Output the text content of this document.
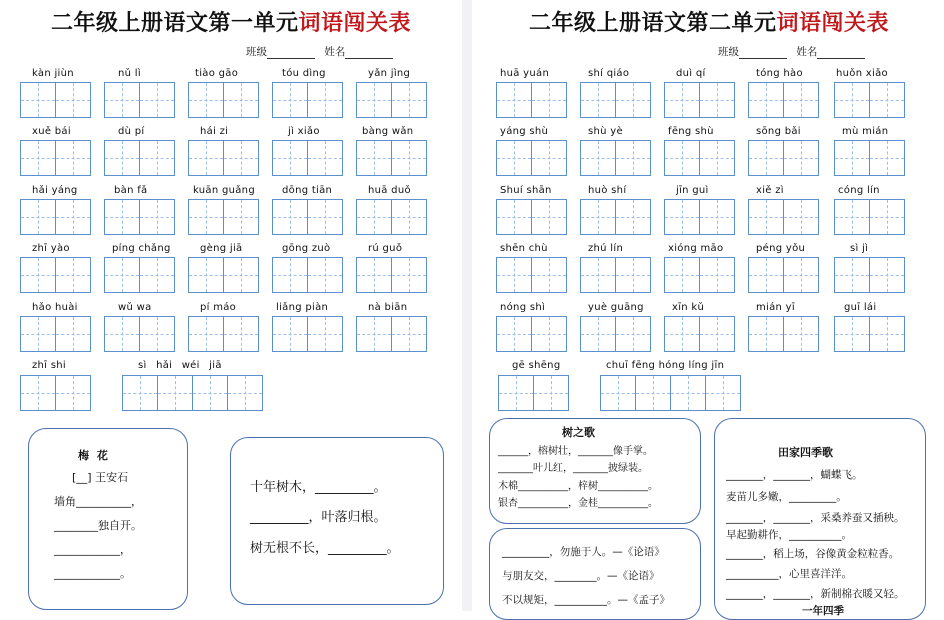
二年级上册语文第一单元词语闯关表
班级	姓名
kàn jiùn	nǔ lì	tiào gāo	tóu dìng	yǎn jìng
xuě bái	dù pí	hái zi	jì xiǎo	bàng wǎn
hǎi yáng	bàn fǎ	kuān guǎng	dōng tiān	huā duǒ
zhī yào	píng chǎng	gèng jiā	gōng zuò	rú guǒ
hǎo huài	wǔ wa	pí máo	liǎng piàn	nà biān
zhī shi	sì hǎi wéi jiā
梅 花
[__] 王安石
墙角__________，
________独自开。
____________，
____________。
十年树木，_________。
_________，叶落归根。
树无根不长，_________。
二年级上册语文第二单元词语闯关表
班级	姓名
huā yuán	shí qiáo	duì qí	tóng hào	huǒn xiǎo
yáng shù	shù yè	fēng shù	sōng bǎi	mù mián
Shuí shān	huò shí	jīn guì	xiě zì	cóng lín
shēn chù	zhú lín	xióng māo	péng yǒu	sì jì
nóng shì	yuè guāng	xīn kǔ	mián yī	guī lái
gē shēng	chuī fēng hóng líng jīn
树之歌
______，榕树壮，_______像手掌。
_______叶儿红，_______披绿装。
木棉__________，梓树__________。
银杏__________，金桂__________。
_________，勿施于人。—《论语》
与朋友交，________。—《论语》
不以规矩，__________。—《孟子》
田家四季歌
_______，_______，蝴蝶飞。
麦苗儿多嫩，_________。
_______，_______，采桑养蚕又插秧。
早起勤耕作，__________。
_______，稻上场，谷像黄金粒粒香。
__________，心里喜洋洋。
_______，_______，新制棉衣暖又轻。
一年四季
